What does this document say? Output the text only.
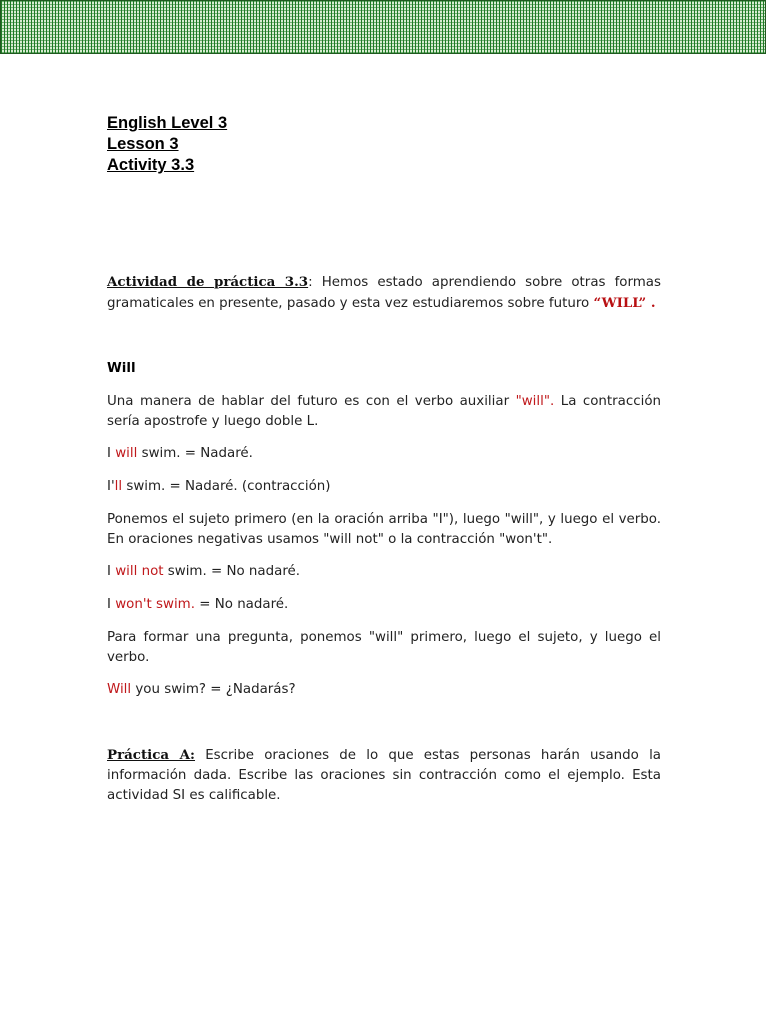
English Level 3
Lesson 3
Activity 3.3

Actividad de práctica 3.3: Hemos estado aprendiendo sobre otras formas gramaticales en presente, pasado y esta vez estudiaremos sobre futuro “WILL” .

Will

Una manera de hablar del futuro es con el verbo auxiliar "will". La contracción sería apostrofe y luego doble L.

I will swim. = Nadaré.

I'll swim. = Nadaré. (contracción)

Ponemos el sujeto primero (en la oración arriba "I"), luego "will", y luego el verbo. En oraciones negativas usamos "will not" o la contracción "won't".

I will not swim. = No nadaré.

I won't swim. = No nadaré.

Para formar una pregunta, ponemos "will" primero, luego el sujeto, y luego el verbo.

Will you swim? = ¿Nadarás?

Práctica A: Escribe oraciones de lo que estas personas harán usando la información dada. Escribe las oraciones sin contracción como el ejemplo. Esta actividad SI es calificable.
